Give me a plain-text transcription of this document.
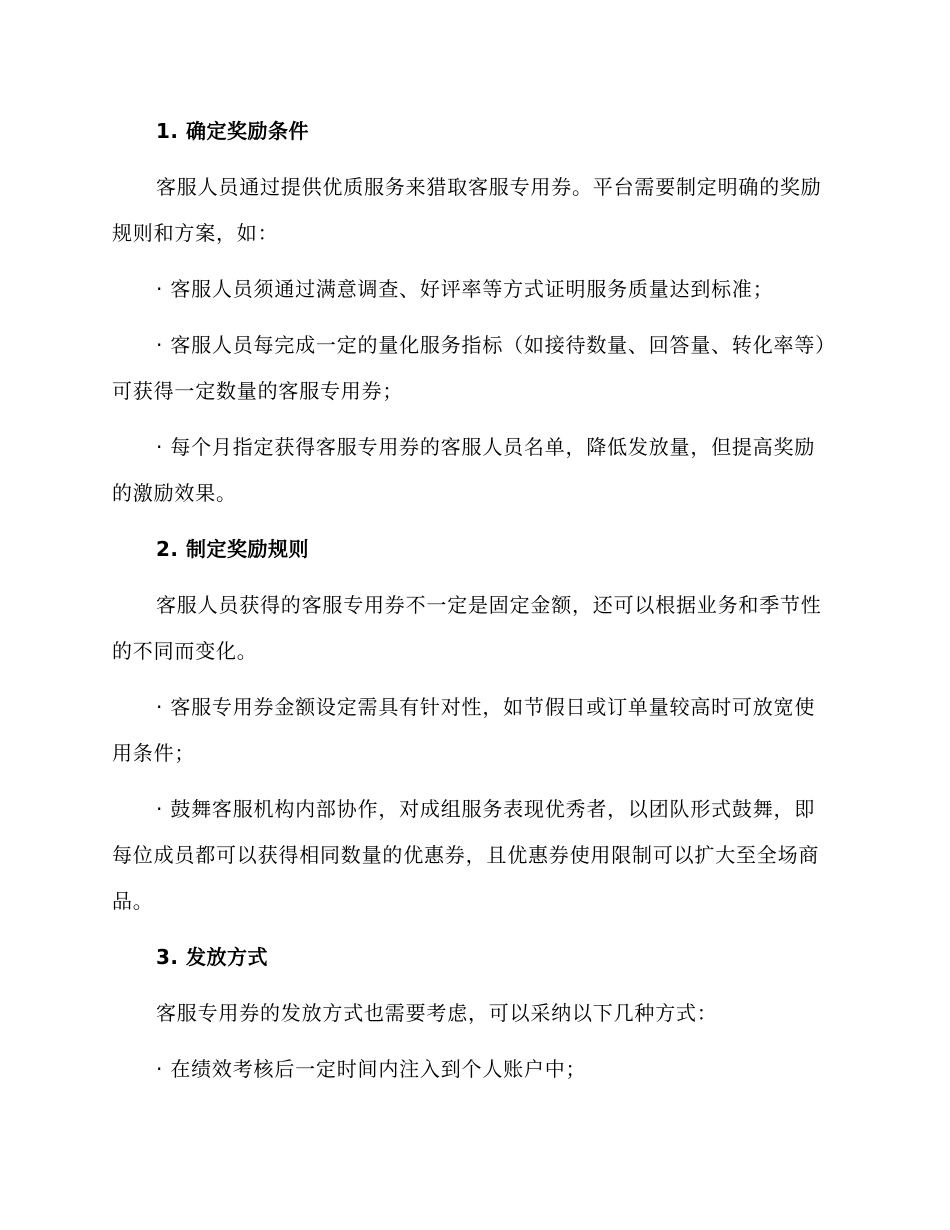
1. 确定奖励条件

客服人员通过提供优质服务来猎取客服专用券。平台需要制定明确的奖励规则和方案，如：

· 客服人员须通过满意调查、好评率等方式证明服务质量达到标准；

· 客服人员每完成一定的量化服务指标（如接待数量、回答量、转化率等）可获得一定数量的客服专用券；

· 每个月指定获得客服专用券的客服人员名单，降低发放量，但提高奖励的激励效果。

2. 制定奖励规则

客服人员获得的客服专用券不一定是固定金额，还可以根据业务和季节性的不同而变化。

· 客服专用券金额设定需具有针对性，如节假日或订单量较高时可放宽使用条件；

· 鼓舞客服机构内部协作，对成组服务表现优秀者，以团队形式鼓舞，即每位成员都可以获得相同数量的优惠券，且优惠券使用限制可以扩大至全场商品。

3. 发放方式

客服专用券的发放方式也需要考虑，可以采纳以下几种方式：

· 在绩效考核后一定时间内注入到个人账户中；
